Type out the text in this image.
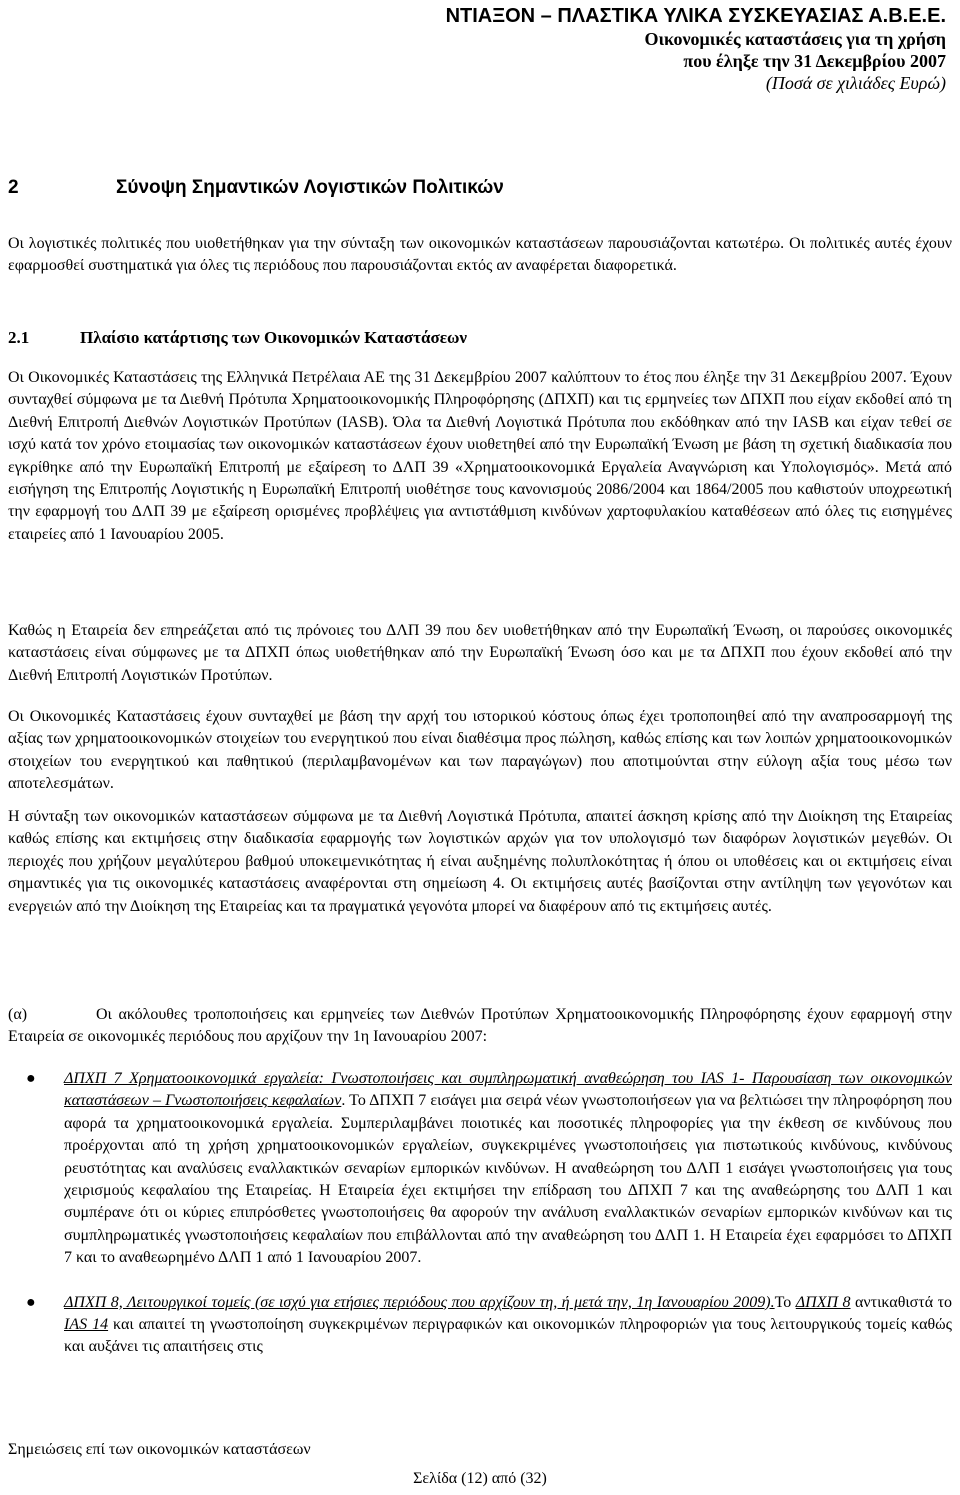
ΝΤΙΑΞΟΝ – ΠΛΑΣΤΙΚΑ ΥΛΙΚΑ ΣΥΣΚΕΥΑΣΙΑΣ Α.Β.Ε.Ε.
Οικονομικές καταστάσεις για τη χρήση
που έληξε την 31 Δεκεμβρίου 2007
(Ποσά σε χιλιάδες Ευρώ)
2	Σύνοψη Σημαντικών Λογιστικών Πολιτικών

Οι λογιστικές πολιτικές που υιοθετήθηκαν για την σύνταξη των οικονομικών καταστάσεων παρουσιάζονται κατωτέρω. Οι πολιτικές αυτές έχουν εφαρμοσθεί συστηματικά για όλες τις περιόδους που παρουσιάζονται εκτός αν αναφέρεται διαφορετικά.

2.1	Πλαίσιο κατάρτισης των Οικονομικών Καταστάσεων

Οι Οικονομικές Καταστάσεις της Ελληνικά Πετρέλαια ΑΕ της 31 Δεκεμβρίου 2007 καλύπτουν το έτος που έληξε την 31 Δεκεμβρίου 2007. Έχουν συνταχθεί σύμφωνα με τα Διεθνή Πρότυπα Χρηματοοικονομικής Πληροφόρησης (ΔΠΧΠ) και τις ερμηνείες των ΔΠΧΠ που είχαν εκδοθεί από τη Διεθνή Επιτροπή Διεθνών Λογιστικών Προτύπων (IASB). Όλα τα Διεθνή Λογιστικά Πρότυπα που εκδόθηκαν από την IASB και είχαν τεθεί σε ισχύ κατά τον χρόνο ετοιμασίας των οικονομικών καταστάσεων έχουν υιοθετηθεί από την Ευρωπαϊκή Ένωση με βάση τη σχετική διαδικασία που εγκρίθηκε από την Ευρωπαϊκή Επιτροπή με εξαίρεση το ΔΛΠ 39 «Χρηματοοικονομικά Εργαλεία Αναγνώριση και Υπολογισμός». Μετά από εισήγηση της Επιτροπής Λογιστικής η Ευρωπαϊκή Επιτροπή υιοθέτησε τους κανονισμούς 2086/2004 και 1864/2005 που καθιστούν υποχρεωτική την εφαρμογή του ΔΛΠ 39 με εξαίρεση ορισμένες προβλέψεις για αντιστάθμιση κινδύνων χαρτοφυλακίου καταθέσεων από όλες τις εισηγμένες εταιρείες από 1 Ιανουαρίου 2005.

Καθώς η Εταιρεία δεν επηρεάζεται από τις πρόνοιες του ΔΛΠ 39 που δεν υιοθετήθηκαν από την Ευρωπαϊκή Ένωση, οι παρούσες οικονομικές καταστάσεις είναι σύμφωνες με τα ΔΠΧΠ όπως υιοθετήθηκαν από την Ευρωπαϊκή Ένωση όσο και με τα ΔΠΧΠ που έχουν εκδοθεί από την Διεθνή Επιτροπή Λογιστικών Προτύπων.

Οι Οικονομικές Καταστάσεις έχουν συνταχθεί με βάση την αρχή του ιστορικού κόστους όπως έχει τροποποιηθεί από την αναπροσαρμογή της αξίας των χρηματοοικονομικών στοιχείων του ενεργητικού που είναι διαθέσιμα προς πώληση, καθώς επίσης και των λοιπών χρηματοοικονομικών στοιχείων του ενεργητικού και παθητικού (περιλαμβανομένων και των παραγώγων) που αποτιμούνται στην εύλογη αξία τους μέσω των αποτελεσμάτων.

Η σύνταξη των οικονομικών καταστάσεων σύμφωνα με τα Διεθνή Λογιστικά Πρότυπα, απαιτεί άσκηση κρίσης από την Διοίκηση της Εταιρείας καθώς επίσης και εκτιμήσεις στην διαδικασία εφαρμογής των λογιστικών αρχών για τον υπολογισμό των διαφόρων λογιστικών μεγεθών. Οι περιοχές που χρήζουν μεγαλύτερου βαθμού υποκειμενικότητας ή είναι αυξημένης πολυπλοκότητας ή όπου οι υποθέσεις και οι εκτιμήσεις είναι σημαντικές για τις οικονομικές καταστάσεις αναφέρονται στη σημείωση 4. Οι εκτιμήσεις αυτές βασίζονται στην αντίληψη των γεγονότων και ενεργειών από την Διοίκηση της Εταιρείας και τα πραγματικά γεγονότα μπορεί να διαφέρουν από τις εκτιμήσεις αυτές.

(α)	Οι ακόλουθες τροποποιήσεις και ερμηνείες των Διεθνών Προτύπων Χρηματοοικονομικής Πληροφόρησης έχουν εφαρμογή στην Εταιρεία σε οικονομικές περιόδους που αρχίζουν την 1η Ιανουαρίου 2007:

● ΔΠΧΠ 7 Χρηματοοικονομικά εργαλεία: Γνωστοποιήσεις και συμπληρωματική αναθεώρηση του IAS 1- Παρουσίαση των οικονομικών καταστάσεων – Γνωστοποιήσεις κεφαλαίων. Το ΔΠΧΠ 7 εισάγει μια σειρά νέων γνωστοποιήσεων για να βελτιώσει την πληροφόρηση που αφορά τα χρηματοοικονομικά εργαλεία. Συμπεριλαμβάνει ποιοτικές και ποσοτικές πληροφορίες για την έκθεση σε κινδύνους που προέρχονται από τη χρήση χρηματοοικονομικών εργαλείων, συγκεκριμένες γνωστοποιήσεις για πιστωτικούς κινδύνους, κινδύνους ρευστότητας και αναλύσεις εναλλακτικών σεναρίων εμπορικών κινδύνων. Η αναθεώρηση του ΔΛΠ 1 εισάγει γνωστοποιήσεις για τους χειρισμούς κεφαλαίου της Εταιρείας. Η Εταιρεία έχει εκτιμήσει την επίδραση του ΔΠΧΠ 7 και της αναθεώρησης του ΔΛΠ 1 και συμπέρανε ότι οι κύριες επιπρόσθετες γνωστοποιήσεις θα αφορούν την ανάλυση εναλλακτικών σεναρίων εμπορικών κινδύνων και τις συμπληρωματικές γνωστοποιήσεις κεφαλαίων που επιβάλλονται από την αναθεώρηση του ΔΛΠ 1. Η Εταιρεία έχει εφαρμόσει το ΔΠΧΠ 7 και το αναθεωρημένο ΔΛΠ 1 από 1 Ιανουαρίου 2007.
● ΔΠΧΠ 8, Λειτουργικοί τομείς (σε ισχύ για ετήσιες περιόδους που αρχίζουν τη, ή μετά την, 1η Ιανουαρίου 2009).Το ΔΠΧΠ 8 αντικαθιστά το IAS 14 και απαιτεί τη γνωστοποίηση συγκεκριμένων περιγραφικών και οικονομικών πληροφοριών για τους λειτουργικούς τομείς καθώς και αυξάνει τις απαιτήσεις στις
Σημειώσεις επί των οικονομικών καταστάσεων
Σελίδα (12) από (32)
